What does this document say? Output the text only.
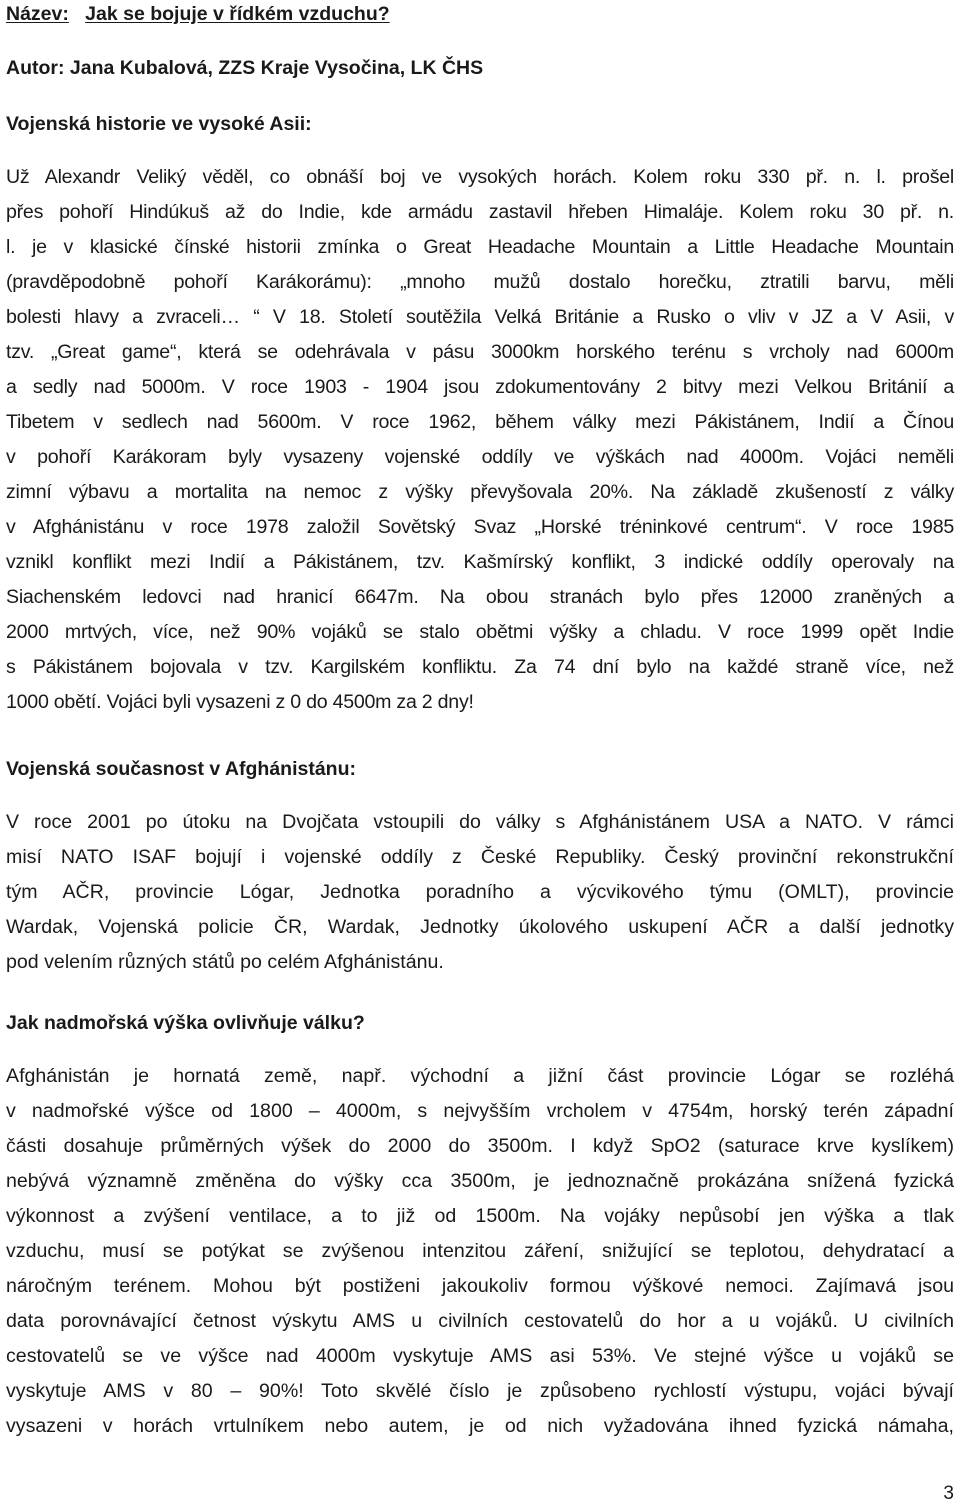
Název: Jak se bojuje v řídkém vzduchu?

Autor: Jana Kubalová, ZZS Kraje Vysočina, LK ČHS

Vojenská historie ve vysoké Asii:

Už Alexandr Veliký věděl, co obnáší boj ve vysokých horách. Kolem roku 330 př. n. l. prošel
přes pohoří Hindúkuš až do Indie, kde armádu zastavil hřeben Himaláje. Kolem roku 30 př. n.
l. je v klasické čínské historii zmínka o Great Headache Mountain a Little Headache Mountain
(pravděpodobně pohoří Karákorámu): „mnoho mužů dostalo horečku, ztratili barvu, měli
bolesti hlavy a zvraceli… “ V 18. Století soutěžila Velká Británie a Rusko o vliv v JZ a V Asii, v
tzv. „Great game“, která se odehrávala v pásu 3000km horského terénu s vrcholy nad 6000m
a sedly nad 5000m. V roce 1903 - 1904 jsou zdokumentovány 2 bitvy mezi Velkou Británií a
Tibetem v sedlech nad 5600m. V roce 1962, během války mezi Pákistánem, Indií a Čínou
v pohoří Karákoram byly vysazeny vojenské oddíly ve výškách nad 4000m. Vojáci neměli
zimní výbavu a mortalita na nemoc z výšky převyšovala 20%. Na základě zkušeností z války
v Afghánistánu v roce 1978 založil Sovětský Svaz „Horské tréninkové centrum“. V roce 1985
vznikl konflikt mezi Indií a Pákistánem, tzv. Kašmírský konflikt, 3 indické oddíly operovaly na
Siachenském ledovci nad hranicí 6647m. Na obou stranách bylo přes 12000 zraněných a
2000 mrtvých, více, než 90% vojáků se stalo obětmi výšky a chladu. V roce 1999 opět Indie
s Pákistánem bojovala v tzv. Kargilském konfliktu. Za 74 dní bylo na každé straně více, než
1000 obětí. Vojáci byli vysazeni z 0 do 4500m za 2 dny!

Vojenská současnost v Afghánistánu:

V roce 2001 po útoku na Dvojčata vstoupili do války s Afghánistánem USA a NATO. V rámci
misí NATO ISAF bojují i vojenské oddíly z České Republiky. Český provinční rekonstrukční
tým AČR, provincie Lógar, Jednotka poradního a výcvikového týmu (OMLT), provincie
Wardak, Vojenská policie ČR, Wardak, Jednotky úkolového uskupení AČR a další jednotky
pod velením různých států po celém Afghánistánu.

Jak nadmořská výška ovlivňuje válku?

Afghánistán je hornatá země, např. východní a jižní část provincie Lógar se rozléhá
v nadmořské výšce od 1800 – 4000m, s nejvyšším vrcholem v 4754m, horský terén západní
části dosahuje průměrných výšek do 2000 do 3500m. I když SpO2 (saturace krve kyslíkem)
nebývá významně změněna do výšky cca 3500m, je jednoznačně prokázána snížená fyzická
výkonnost a zvýšení ventilace, a to již od 1500m. Na vojáky nepůsobí jen výška a tlak
vzduchu, musí se potýkat se zvýšenou intenzitou záření, snižující se teplotou, dehydratací a
náročným terénem. Mohou být postiženi jakoukoliv formou výškové nemoci. Zajímavá jsou
data porovnávající četnost výskytu AMS u civilních cestovatelů do hor a u vojáků. U civilních
cestovatelů se ve výšce nad 4000m vyskytuje AMS asi 53%. Ve stejné výšce u vojáků se
vyskytuje AMS v 80 – 90%! Toto skvělé číslo je způsobeno rychlostí výstupu, vojáci bývají
vysazeni v horách vrtulníkem nebo autem, je od nich vyžadována ihned fyzická námaha,
3
